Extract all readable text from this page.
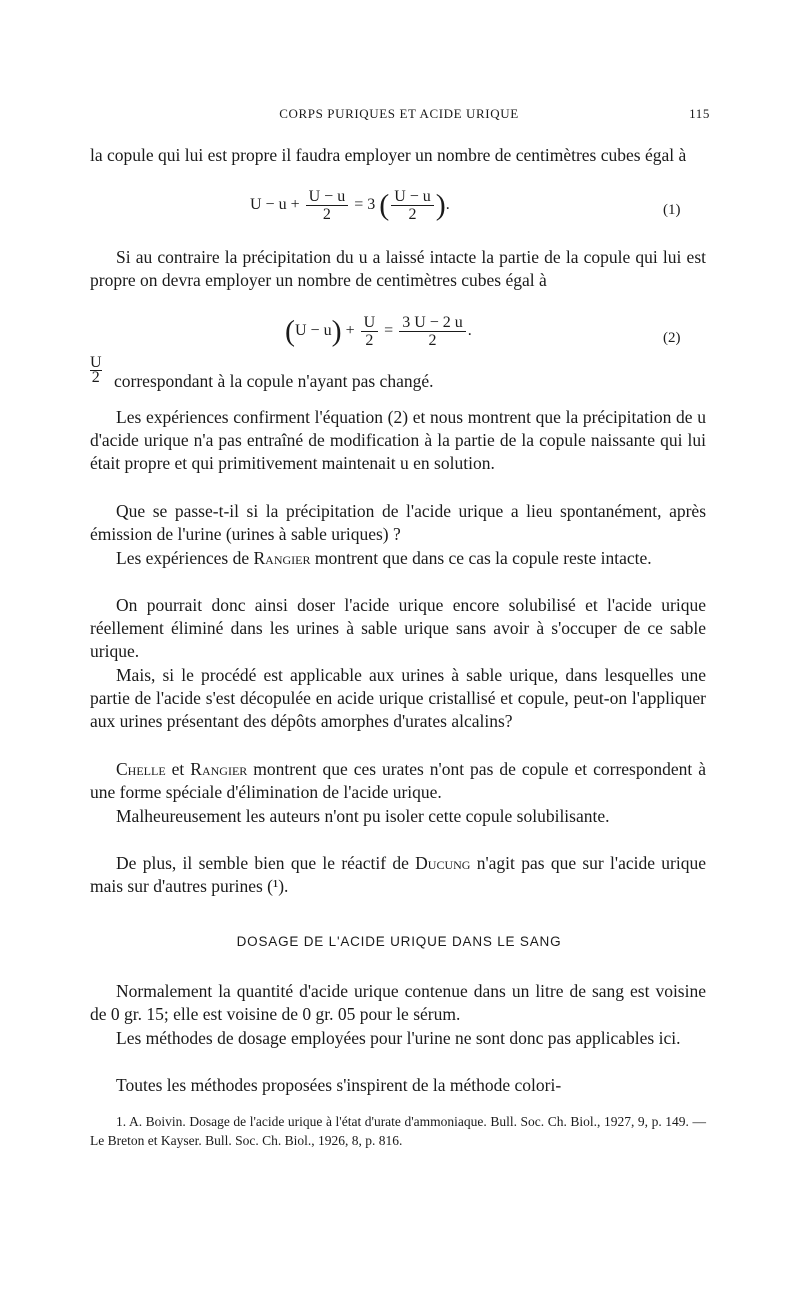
CORPS PURIQUES ET ACIDE URIQUE	115
la copule qui lui est propre il faudra employer un nombre de centimètres cubes égal à
$U - u + \frac{U - u}{2} = 3$ ( $\frac{U - u}{2}$ ).	(1)
Si au contraire la précipitation du u a laissé intacte la partie de la copule qui lui est propre on devra employer un nombre de centimètres cubes égal à
$(U - u) + \frac{U}{2} = \frac{3 U - 2 u}{2}$ .	(2)
$\frac{U}{2}$ correspondant à la copule n'ayant pas changé.
Les expériences confirment l'équation (2) et nous montrent que la précipitation de u d'acide urique n'a pas entraîné de modification à la partie de la copule naissante qui lui était propre et qui primitivement maintenait u en solution.
Que se passe-t-il si la précipitation de l'acide urique a lieu spontanément, après émission de l'urine (urines à sable uriques) ?
Les expériences de Rangier montrent que dans ce cas la copule reste intacte.
On pourrait donc ainsi doser l'acide urique encore solubilisé et l'acide urique réellement éliminé dans les urines à sable urique sans avoir à s'occuper de ce sable urique.
Mais, si le procédé est applicable aux urines à sable urique, dans lesquelles une partie de l'acide s'est décopulée en acide urique cristallisé et copule, peut-on l'appliquer aux urines présentant des dépôts amorphes d'urates alcalins?
Chelle et Rangier montrent que ces urates n'ont pas de copule et correspondent à une forme spéciale d'élimination de l'acide urique.
Malheureusement les auteurs n'ont pu isoler cette copule solubilisante.
De plus, il semble bien que le réactif de Ducung n'agit pas que sur l'acide urique mais sur d'autres purines (¹).
DOSAGE DE L'ACIDE URIQUE DANS LE SANG
Normalement la quantité d'acide urique contenue dans un litre de sang est voisine de 0 gr. 15; elle est voisine de 0 gr. 05 pour le sérum.
Les méthodes de dosage employées pour l'urine ne sont donc pas applicables ici.
Toutes les méthodes proposées s'inspirent de la méthode colori-
1. A. Boivin. Dosage de l'acide urique à l'état d'urate d'ammoniaque. Bull. Soc. Ch. Biol., 1927, 9, p. 149. — Le Breton et Kayser. Bull. Soc. Ch. Biol., 1926, 8, p. 816.
